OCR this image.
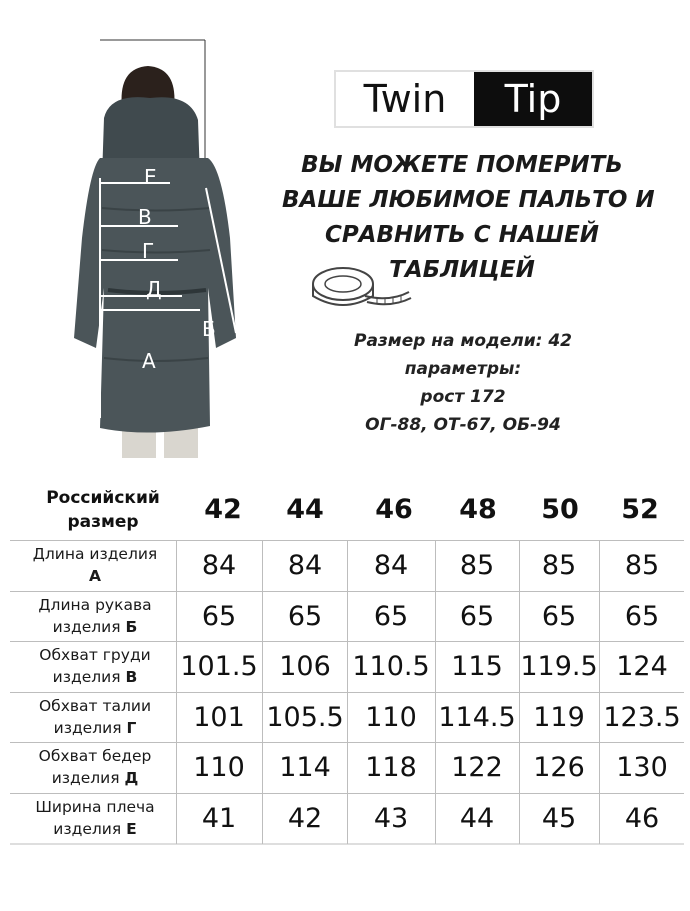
Е
В
Г
Д
Б
А
Twin	Tip
ВЫ МОЖЕТЕ ПОМЕРИТЬ
ВАШЕ ЛЮБИМОЕ ПАЛЬТО И
СРАВНИТЬ С НАШЕЙ
ТАБЛИЦЕЙ
Размер на модели: 42
параметры:
рост 172
ОГ-88, ОТ-67, ОБ-94
Российский
размер	42	44	46	48	50	52
Длина изделия
А	84	84	84	85	85	85
Длина рукава
изделия Б	65	65	65	65	65	65
Обхват груди
изделия В	101.5 106 110.5 115 119.5 124
Обхват талии
изделия Г	101 105.5 110 114.5 119 123.5
Обхват бедер
изделия Д	110	114	118	122	126	130
Ширина плеча
изделия Е	41	42	43	44	45	46
